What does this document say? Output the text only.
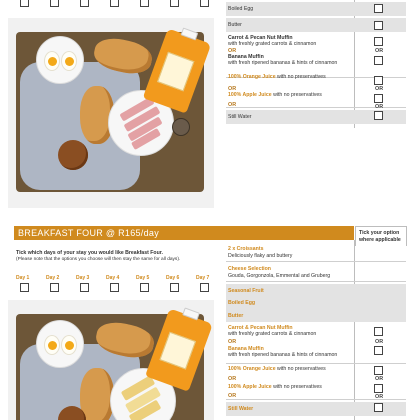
Boiled Egg
Butter
Carrot & Pecan Nut Muffin
with freshly grated carrots & cinnamon
Banana Muffin
with fresh ripened bananas & hints of cinnamon
OR	OR
100% Orange Juice with no preservatives
100% Apple Juice with no preservatives
OR
OR
OR
OR
Still Water
BREAKFAST FOUR @ R165/day	Tick your option
where applicable
Tick which days of your stay you would like Breakfast Four.
(Please note that the options you choose will then stay the same for all days).
Day 1	Day 2	Day 3	Day 4	Day 5	Day 6	Day 7
2 x Croissants
Deliciously flaky and buttery
Cheese Selection
Gouda, Gorgonzola, Emmental and Gruberg
Seasonal Fruit
Boiled Egg
Butter
Carrot & Pecan Nut Muffin
with freshly grated carrots & cinnamon
Banana Muffin
with fresh ripened bananas & hints of cinnamon
OR	OR
100% Orange Juice with no preservatives
100% Apple Juice with no preservatives
OR
OR
OR
OR
Still Water
